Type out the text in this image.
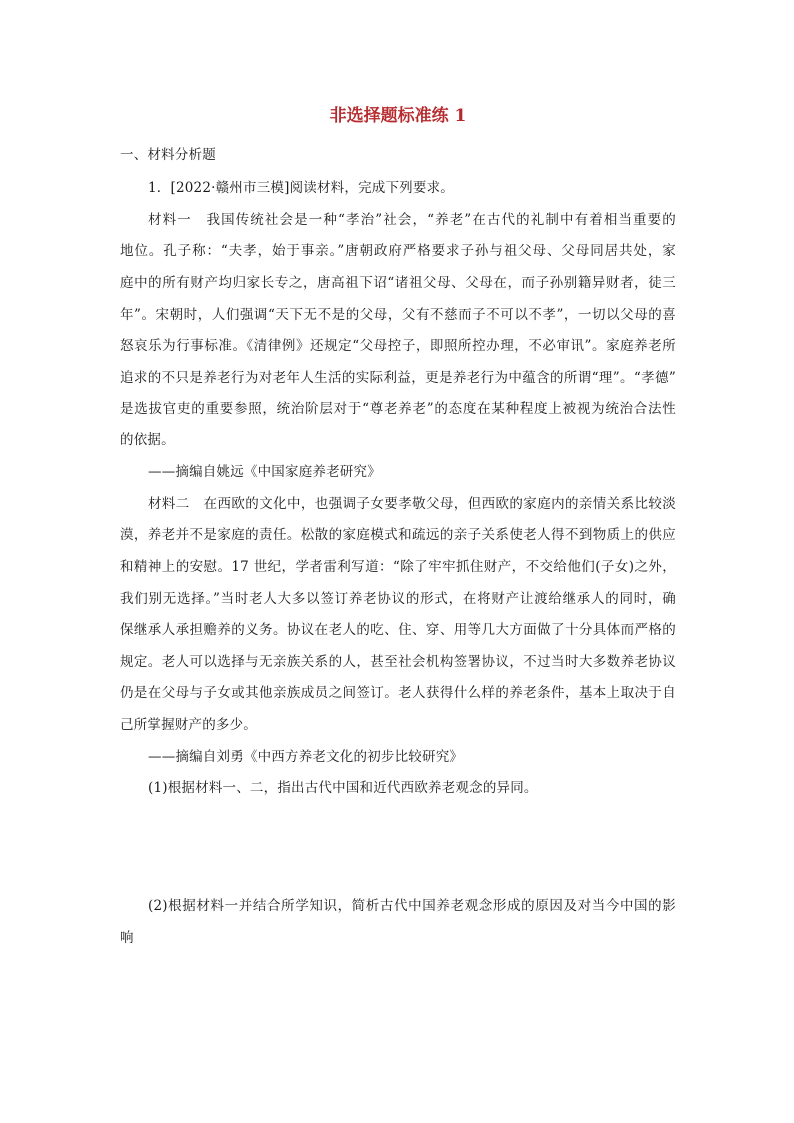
非选择题标准练 1
一、材料分析题
1．[2022·赣州市三模]阅读材料，完成下列要求。
材料一　我国传统社会是一种“孝治”社会，“养老”在古代的礼制中有着相当重要的
地位。孔子称：“夫孝，始于事亲。”唐朝政府严格要求子孙与祖父母、父母同居共处，家
庭中的所有财产均归家长专之，唐高祖下诏“诸祖父母、父母在，而子孙别籍异财者，徒三
年”。宋朝时，人们强调“天下无不是的父母，父有不慈而子不可以不孝”，一切以父母的喜
怒哀乐为行事标准。《清律例》还规定“父母控子，即照所控办理，不必审讯”。家庭养老所
追求的不只是养老行为对老年人生活的实际利益，更是养老行为中蕴含的所谓“理”。“孝德”
是选拔官吏的重要参照，统治阶层对于“尊老养老”的态度在某种程度上被视为统治合法性
的依据。
——摘编自姚远《中国家庭养老研究》
材料二　在西欧的文化中，也强调子女要孝敬父母，但西欧的家庭内的亲情关系比较淡
漠，养老并不是家庭的责任。松散的家庭模式和疏远的亲子关系使老人得不到物质上的供应
和精神上的安慰。17 世纪，学者雷利写道：“除了牢牢抓住财产，不交给他们(子女)之外，
我们别无选择。”当时老人大多以签订养老协议的形式，在将财产让渡给继承人的同时，确
保继承人承担赡养的义务。协议在老人的吃、住、穿、用等几大方面做了十分具体而严格的
规定。老人可以选择与无亲族关系的人，甚至社会机构签署协议，不过当时大多数养老协议
仍是在父母与子女或其他亲族成员之间签订。老人获得什么样的养老条件，基本上取决于自
己所掌握财产的多少。
——摘编自刘勇《中西方养老文化的初步比较研究》
(1)根据材料一、二，指出古代中国和近代西欧养老观念的异同。
(2)根据材料一并结合所学知识，简析古代中国养老观念形成的原因及对当今中国的影
响
